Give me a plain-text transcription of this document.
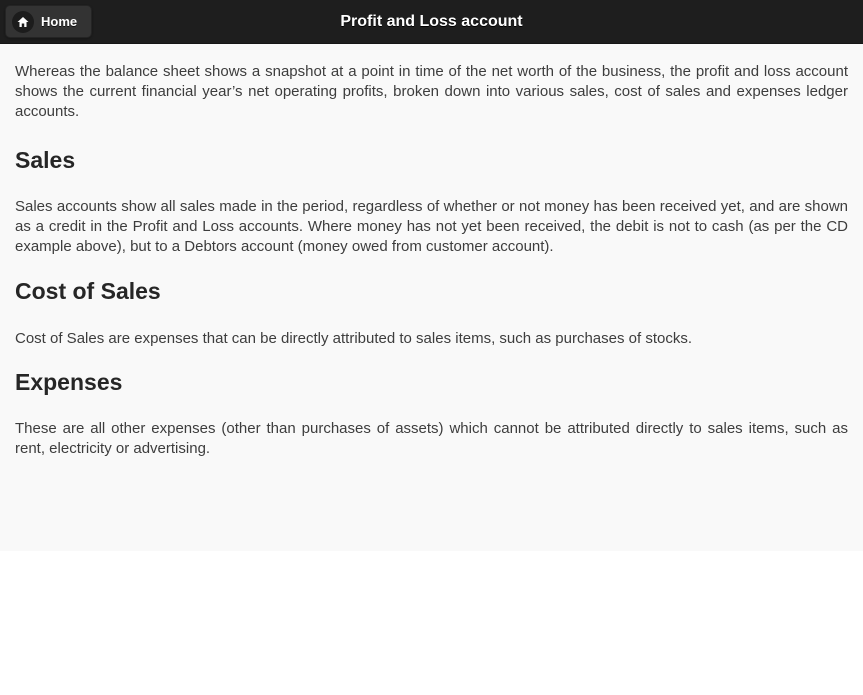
Home	Profit and Loss account

Whereas the balance sheet shows a snapshot at a point in time of the net worth of the business, the profit and loss account shows the current financial year’s net operating profits, broken down into various sales, cost of sales and expenses ledger accounts.

Sales

Sales accounts show all sales made in the period, regardless of whether or not money has been received yet, and are shown as a credit in the Profit and Loss accounts. Where money has not yet been received, the debit is not to cash (as per the CD example above), but to a Debtors account (money owed from customer account).

Cost of Sales

Cost of Sales are expenses that can be directly attributed to sales items, such as purchases of stocks.

Expenses

These are all other expenses (other than purchases of assets) which cannot be attributed directly to sales items, such as rent, electricity or advertising.
